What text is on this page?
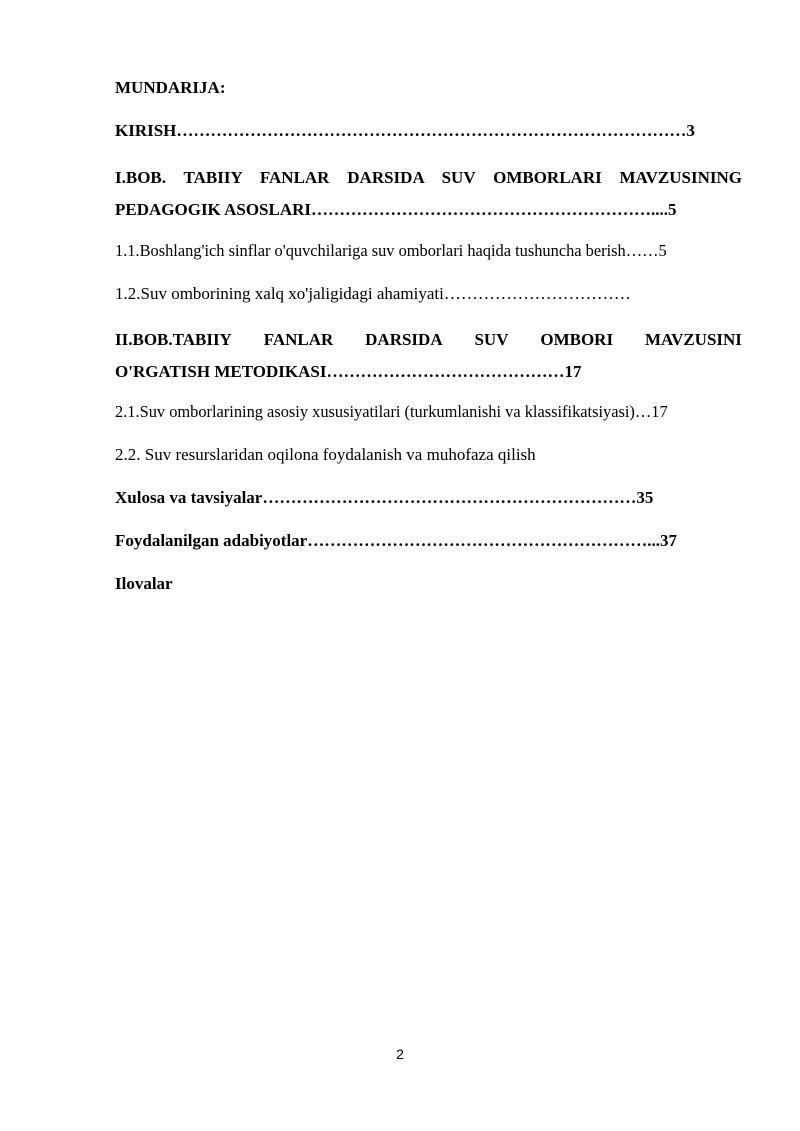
MUNDARIJA:
KIRISH………………………………………………………………………………3
I.BOB. TABIIY FANLAR DARSIDA SUV OMBORLARI MAVZUSINING
PEDAGOGIK ASOSLARI……………………………………………………....5
1.1.Boshlang'ich sinflar o'quvchilariga suv omborlari haqida tushuncha berish……5
1.2.Suv omborining xalq xo'jaligidagi ahamiyati……………………………
II.BOB.TABIIY FANLAR DARSIDA SUV OMBORI MAVZUSINI
O'RGATISH METODIKASI……………………………………17
2.1.Suv omborlarining asosiy xususiyatilari (turkumlanishi va klassifikatsiyasi)…17
2.2. Suv resurslaridan oqilona foydalanish va muhofaza qilish
Xulosa va tavsiyalar…………………………………………………………35
Foydalanilgan adabiyotlar……………………………………………………...37
Ilovalar
2
